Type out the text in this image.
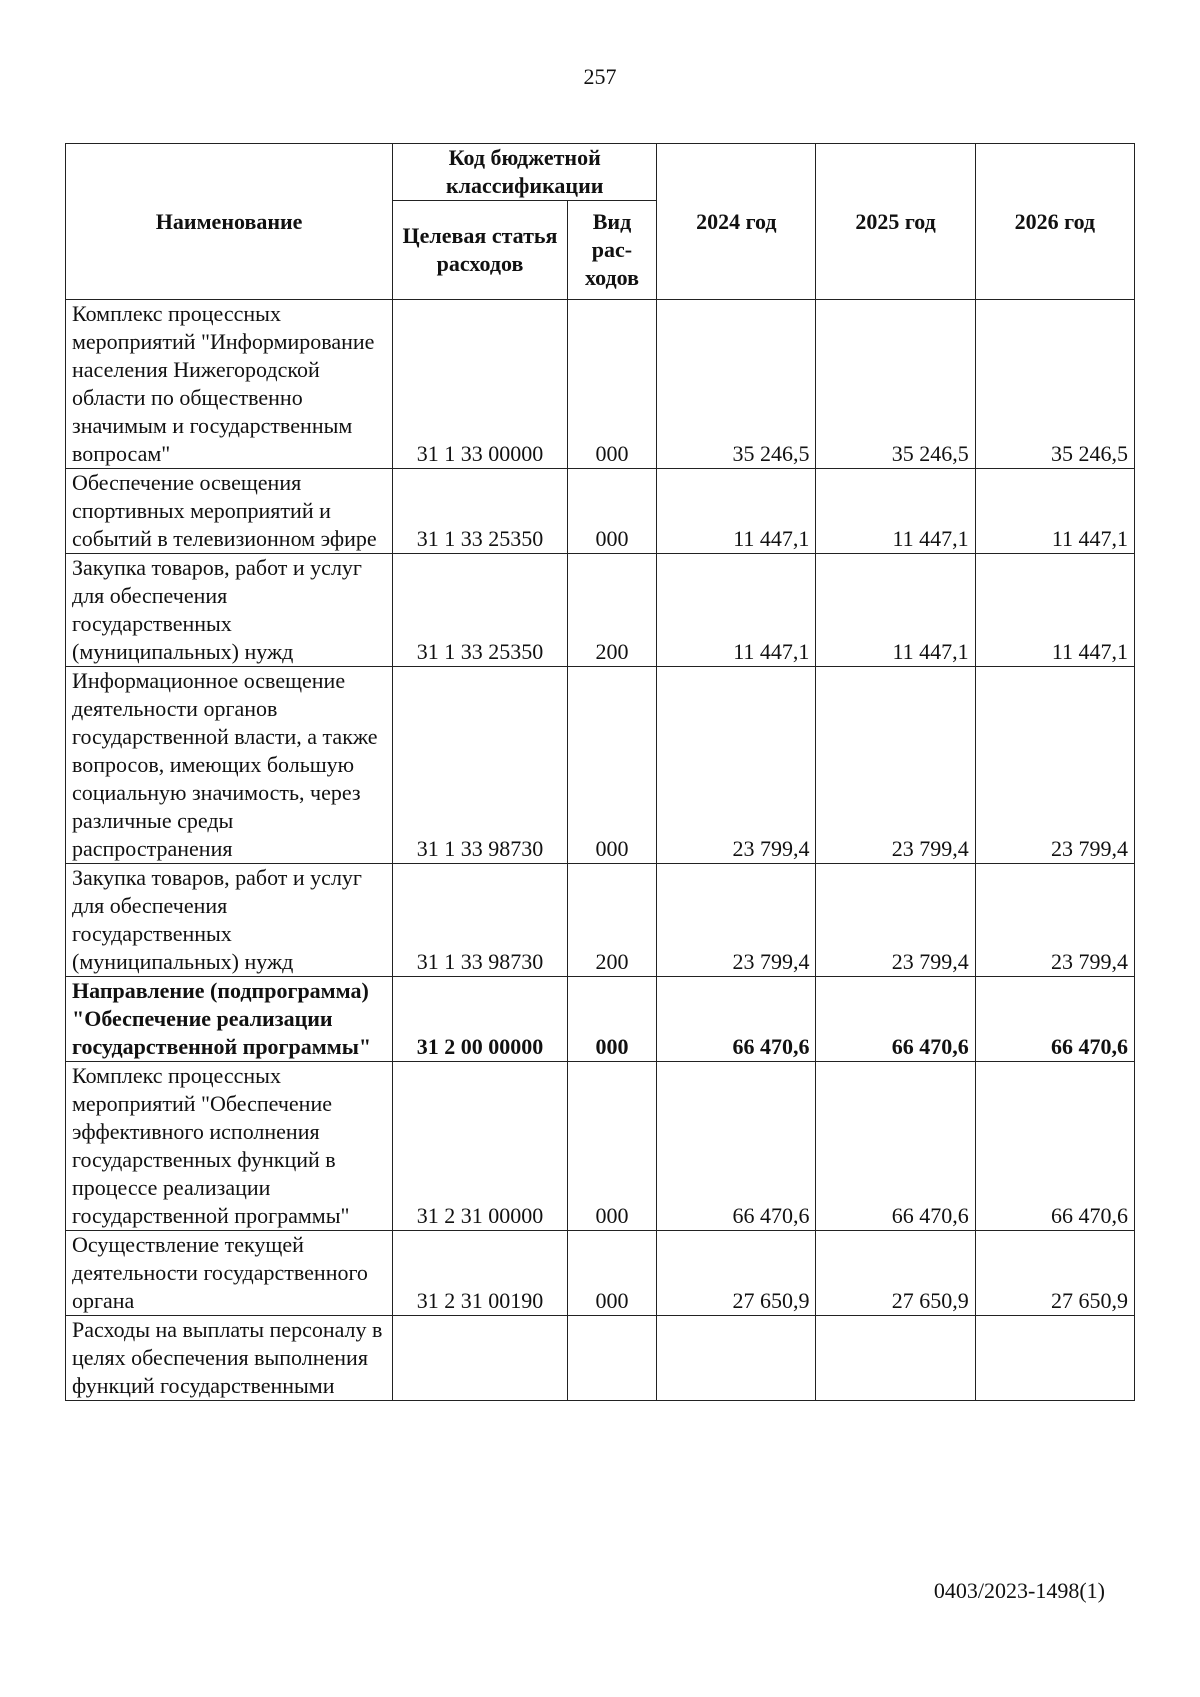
257
Наименование	Код бюджетной классификации		2024 год	2025 год	2026 год
	Целевая статья расходов	Вид рас-ходов			
Комплекс процессных мероприятий "Информирование населения Нижегородской области по общественно значимым и государственным вопросам"	31 1 33 00000	000	35 246,5	35 246,5	35 246,5
Обеспечение освещения спортивных мероприятий и событий в телевизионном эфире	31 1 33 25350	000	11 447,1	11 447,1	11 447,1
Закупка товаров, работ и услуг для обеспечения государственных (муниципальных) нужд	31 1 33 25350	200	11 447,1	11 447,1	11 447,1
Информационное освещение деятельности органов государственной власти, а также вопросов, имеющих большую социальную значимость, через различные среды распространения	31 1 33 98730	000	23 799,4	23 799,4	23 799,4
Закупка товаров, работ и услуг для обеспечения государственных (муниципальных) нужд	31 1 33 98730	200	23 799,4	23 799,4	23 799,4
Направление (подпрограмма) "Обеспечение реализации государственной программы"	31 2 00 00000	000	66 470,6	66 470,6	66 470,6
Комплекс процессных мероприятий "Обеспечение эффективного исполнения государственных функций в процессе реализации государственной программы"	31 2 31 00000	000	66 470,6	66 470,6	66 470,6
Осуществление текущей деятельности государственного органа	31 2 31 00190	000	27 650,9	27 650,9	27 650,9
Расходы на выплаты персоналу в целях обеспечения выполнения функций государственными					
0403/2023-1498(1)
